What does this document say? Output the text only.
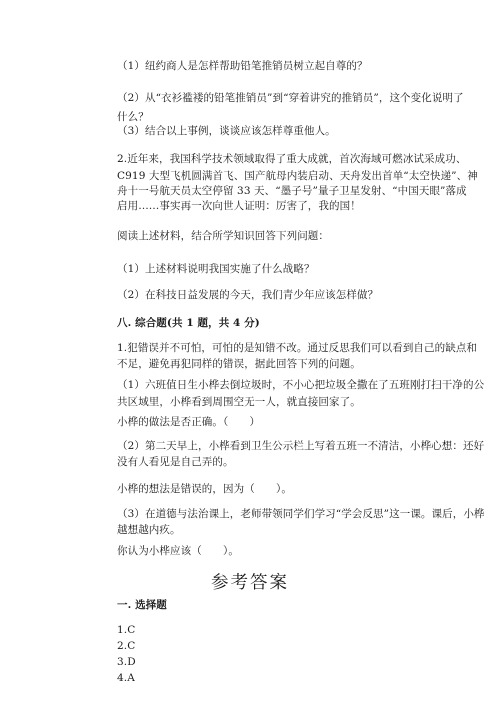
（1）纽约商人是怎样帮助铅笔推销员树立起自尊的？
（2）从“衣衫褴褛的铅笔推销员”到“穿着讲究的推销员”，这个变化说明了
什么？
（3）结合以上事例，谈谈应该怎样尊重他人。
2.近年来，我国科学技术领域取得了重大成就，首次海域可燃冰试采成功、
C919 大型飞机圆满首飞、国产航母内装启动、天舟发出首单“太空快递”、神
舟十一号航天员太空停留 33 天、“墨子号”量子卫星发射、“中国天眼”落成
启用……事实再一次向世人证明：厉害了，我的国！
阅读上述材料，结合所学知识回答下列问题：
（1）上述材料说明我国实施了什么战略？
（2）在科技日益发展的今天，我们青少年应该怎样做？
八. 综合题(共 1 题，共 4 分)
1.犯错误并不可怕，可怕的是知错不改。通过反思我们可以看到自己的缺点和
不足，避免再犯同样的错误，据此回答下列的问题。
（1）六班值日生小桦去倒垃圾时，不小心把垃圾全撒在了五班刚打扫干净的公
共区域里，小桦看到周围空无一人，就直接回家了。
小桦的做法是否正确。（　　）
（2）第二天早上，小桦看到卫生公示栏上写着五班一不清洁，小桦心想：还好
没有人看见是自己弄的。
小桦的想法是错误的，因为（　　）。
（3）在道德与法治课上，老师带领同学们学习“学会反思”这一课。课后，小桦
越想越内疚。
你认为小桦应该（　　）。
参考答案
一. 选择题
1.C
2.C
3.D
4.A
